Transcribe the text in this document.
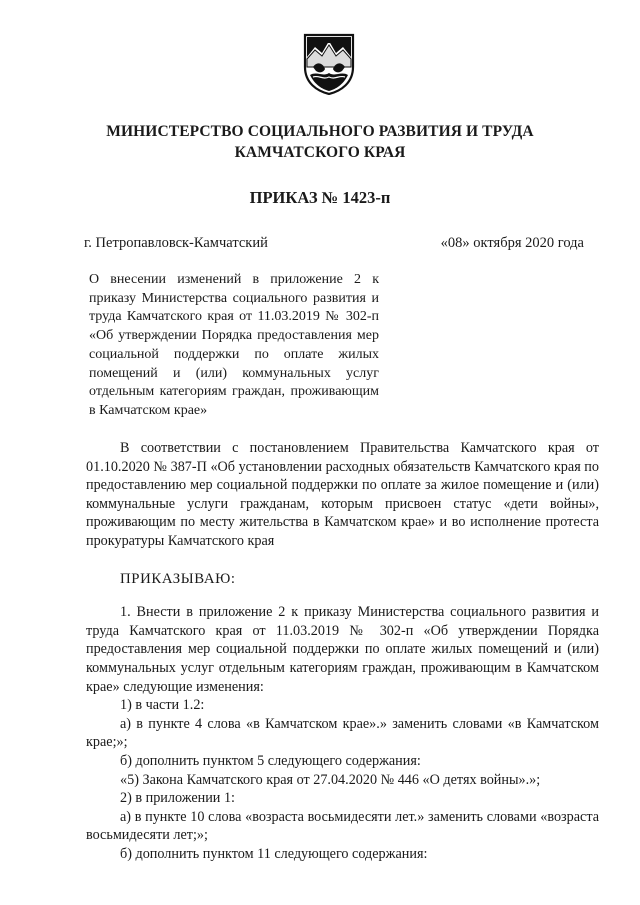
МИНИСТЕРСТВО СОЦИАЛЬНОГО РАЗВИТИЯ И ТРУДА
КАМЧАТСКОГО КРАЯ
ПРИКАЗ № 1423-п
г. Петропавловск-Камчатский	«08» октября 2020 года
О внесении изменений в приложение 2 к приказу Министерства социального развития и труда Камчатского края от 11.03.2019 № 302-п «Об утверждении Порядка предоставления мер социальной поддержки по оплате жилых помещений и (или) коммунальных услуг отдельным категориям граждан, проживающим в Камчатском крае»

В соответствии с постановлением Правительства Камчатского края от 01.10.2020 № 387-П «Об установлении расходных обязательств Камчатского края по предоставлению мер социальной поддержки по оплате за жилое помещение и (или) коммунальные услуги гражданам, которым присвоен статус «дети войны», проживающим по месту жительства в Камчатском крае» и во исполнение протеста прокуратуры Камчатского края

ПРИКАЗЫВАЮ:

1. Внести в приложение 2 к приказу Министерства социального развития и труда Камчатского края от 11.03.2019 № 302-п «Об утверждении Порядка предоставления мер социальной поддержки по оплате жилых помещений и (или) коммунальных услуг отдельным категориям граждан, проживающим в Камчатском крае» следующие изменения:

1) в части 1.2:

а) в пункте 4 слова «в Камчатском крае».» заменить словами «в Камчатском крае;»;

б) дополнить пунктом 5 следующего содержания:

«5) Закона Камчатского края от 27.04.2020 № 446 «О детях войны».»;

2) в приложении 1:

а) в пункте 10 слова «возраста восьмидесяти лет.» заменить словами «возраста восьмидесяти лет;»;

б) дополнить пунктом 11 следующего содержания:
